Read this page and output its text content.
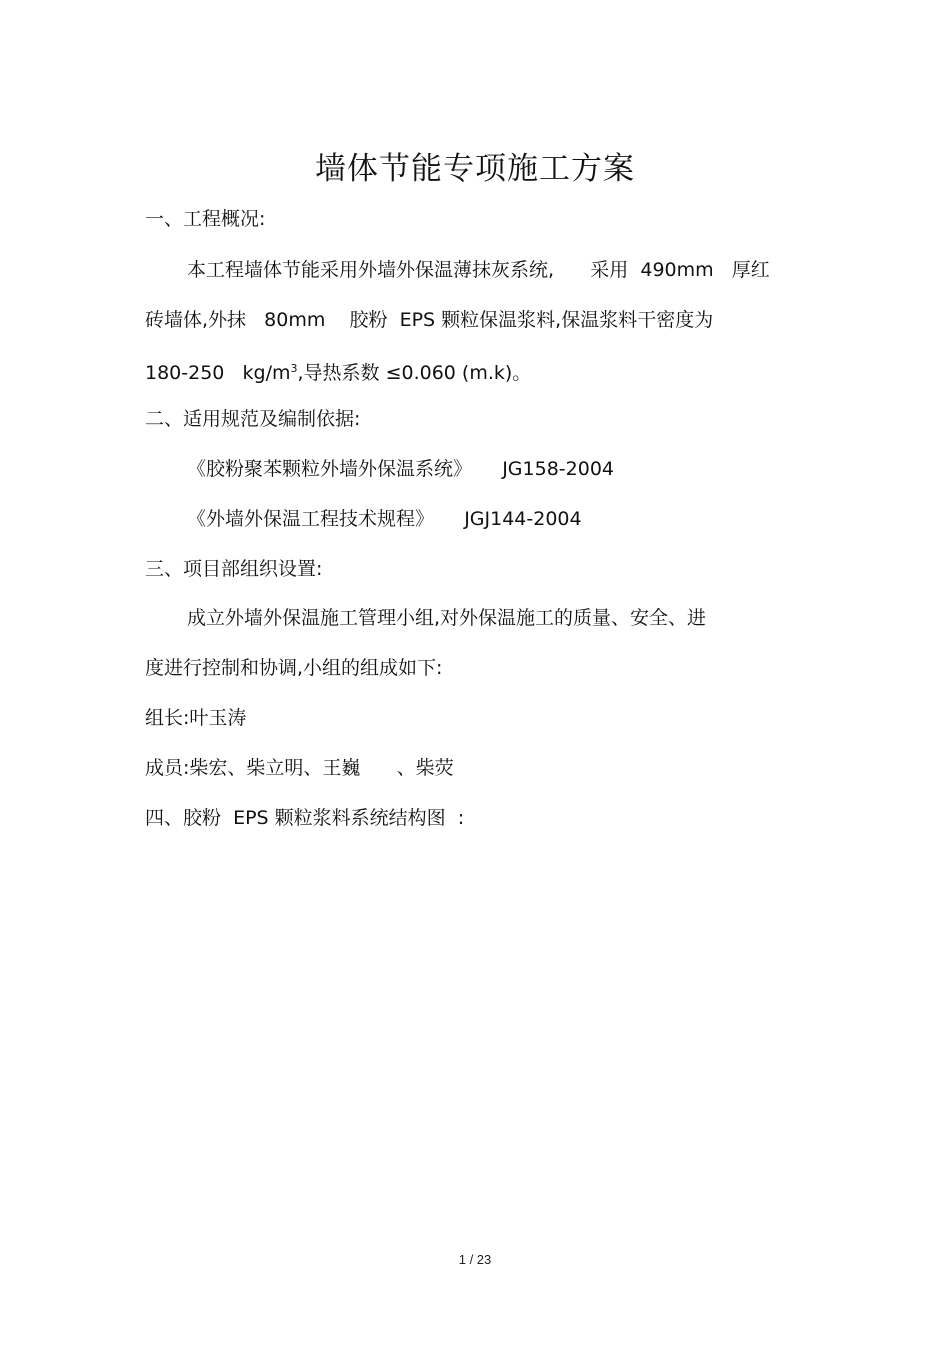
墙体节能专项施工方案
一、工程概况:
本工程墙体节能采用外墙外保温薄抹灰系统,      采用  490mm   厚红
砖墙体,外抹   80mm    胶粉  EPS 颗粒保温浆料,保温浆料干密度为
180-250   $kg/m^3$,导热系数 ≤0.060 (m.k)。
二、适用规范及编制依据:
《胶粉聚苯颗粒外墙外保温系统》     JG158-2004
《外墙外保温工程技术规程》     JGJ144-2004
三、项目部组织设置:
成立外墙外保温施工管理小组,对外保温施工的质量、安全、进
度进行控制和协调,小组的组成如下:
组长:叶玉涛
成员:柴宏、柴立明、王巍      、柴荧
四、胶粉  EPS 颗粒浆料系统结构图  :
1 / 23
